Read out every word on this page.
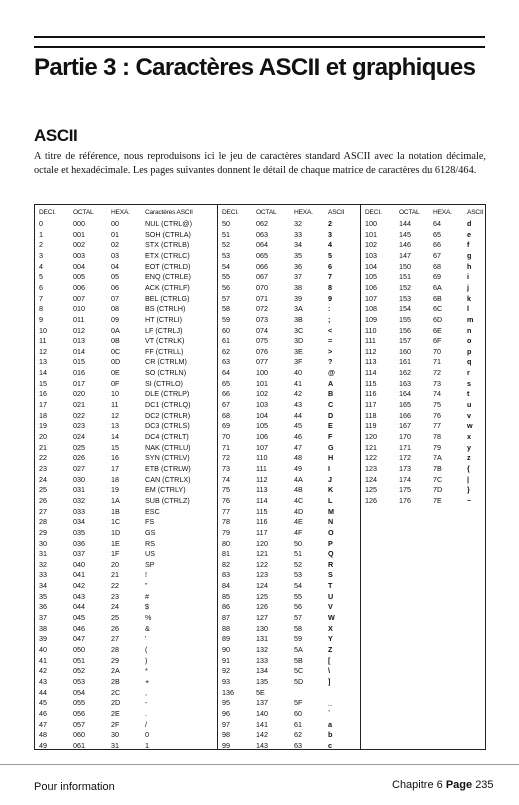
Partie 3 : Caractères ASCII et graphiques
ASCII

A titre de référence, nous reproduisons ici le jeu de caractères standard ASCII avec la notation décimale, octale et hexadécimale. Les pages suivantes donnent le détail de chaque matrice de caractères du 6128/464.

DECI.	OCTAL	HEXA. Caractères ASCII
0	000	00	NUL (CTRL@)
1	001	01	SOH (CTRLA)
2	002	02	STX (CTRLB)
3	003	03	ETX (CTRLC)
4	004	04	EOT (CTRLD)
5	005	05	ENQ (CTRLE)
6	006	06	ACK (CTRLF)
7	007	07	BEL (CTRLG)
8	010	08	BS (CTRLH)
9	011	09	HT (CTRLI)
10	012	0A	LF (CTRLJ)
11	013	0B	VT (CTRLK)
12	014	0C	FF (CTRLL)
13	015	0D	CR (CTRLM)
14	016	0E	SO (CTRLN)
15	017	0F	SI (CTRLO)
16	020	10	DLE (CTRLP)
17	021	11	DC1 (CTRLQ)
18	022	12	DC2 (CTRLR)
19	023	13	DC3 (CTRLS)
20	024	14	DC4 (CTRLT)
21	025	15	NAK (CTRLU)
22	026	16	SYN (CTRLV)
23	027	17	ETB (CTRLW)
24	030	18	CAN (CTRLX)
25	031	19	EM (CTRLY)
26	032	1A	SUB (CTRLZ)
27	033	1B	ESC
28	034	1C	FS
29	035	1D	GS
30	036	1E	RS
31	037	1F	US
32	040	20	SP
33	041	21	!
34	042	22	"
35	043	23	#
36	044	24	$
37	045	25	%
38	046	26	&
39	047	27	'
40	050	28	(
41	051	29	)
42	052	2A	*
43	053	2B	+
44	054	2C	,
45	055	2D	-
46	056	2E	.
47	057	2F	/
48	060	30	0
49	061	31	1
DECI.	OCTAL	HEXA. ASCII
50	062	32	2
51	063	33	3
52	064	34	4
53	065	35	5
54	066	36	6
55	067	37	7
56	070	38	8
57	071	39	9
58	072	3A	:
59	073	3B	;
60	074	3C	<
61	075	3D	=
62	076	3E	>
63	077	3F	?
64	100	40	@
65	101	41	A
66	102	42	B
67	103	43	C
68	104	44	D
69	105	45	E
70	106	46	F
71	107	47	G
72	110	48	H
73	111	49	I
74	112	4A	J
75	113	4B	K
76	114	4C	L
77	115	4D	M
78	116	4E	N
79	117	4F	O
80	120	50	P
81	121	51	Q
82	122	52	R
83	123	53	S
84	124	54	T
85	125	55	U
86	126	56	V
87	127	57	W
88	130	58	X
89	131	59	Y
90	132	5A	Z
91	133	5B	[
92	134	5C	\
93	135	5D	]
136	5E
95	137	5F	_
96	140	60	`
97	141	61	a
98	142	62	b
99	143	63	c
DECI.	OCTAL HEXA. ASCII
100	144	64	d
101	145	65	e
102	146	66	f
103	147	67	g
104	150	68	h
105	151	69	i
106	152	6A	j
107	153	6B	k
108	154	6C	l
109	155	6D	m
110	156	6E	n
111	157	6F	o
112	160	70	p
113	161	71	q
114	162	72	r
115	163	73	s
116	164	74	t
117	165	75	u
118	166	76	v
119	167	77	w
120	170	78	x
121	171	79	y
122	172	7A	z
123	173	7B	{
124	174	7C	|
125	175	7D	}
126	176	7E	~
Pour information	Chapitre 6 Page 235
